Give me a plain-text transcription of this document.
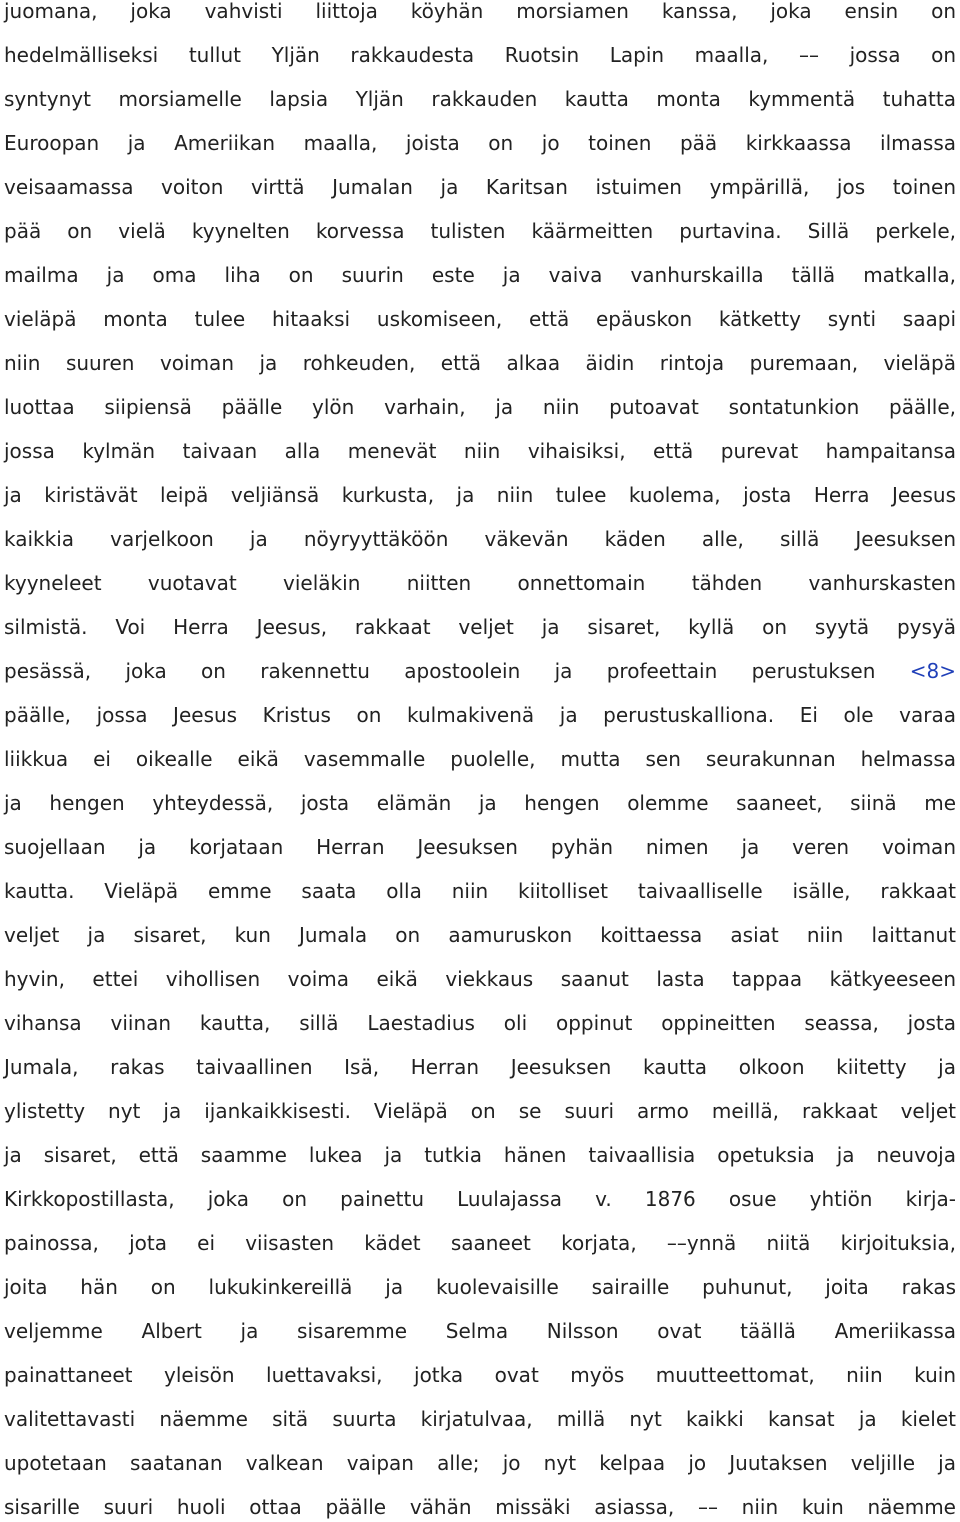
juomana, joka vahvisti liittoja köyhän morsiamen kanssa, joka ensin on
hedelmälliseksi tullut Yljän rakkaudesta Ruotsin Lapin maalla, –– jossa on
syntynyt morsiamelle lapsia Yljän rakkauden kautta monta kymmentä tuhatta
Euroopan ja Ameriikan maalla, joista on jo toinen pää kirkkaassa ilmassa
veisaamassa voiton virttä Jumalan ja Karitsan istuimen ympärillä, jos toinen
pää on vielä kyynelten korvessa tulisten käärmeitten purtavina. Sillä perkele,
mailma ja oma liha on suurin este ja vaiva vanhurskailla tällä matkalla,
vieläpä monta tulee hitaaksi uskomiseen, että epäuskon kätketty synti saapi
niin suuren voiman ja rohkeuden, että alkaa äidin rintoja puremaan, vieläpä
luottaa siipiensä päälle ylön varhain, ja niin putoavat sontatunkion päälle,
jossa kylmän taivaan alla menevät niin vihaisiksi, että purevat hampaitansa
ja kiristävät leipä veljiänsä kurkusta, ja niin tulee kuolema, josta Herra Jeesus
kaikkia varjelkoon ja nöyryyttäköön väkevän käden alle, sillä Jeesuksen
kyyneleet vuotavat vieläkin niitten onnettomain tähden vanhurskasten
silmistä. Voi Herra Jeesus, rakkaat veljet ja sisaret, kyllä on syytä pysyä
pesässä, joka on rakennettu apostoolein ja profeettain perustuksen <8>
päälle, jossa Jeesus Kristus on kulmakivenä ja perustuskalliona. Ei ole varaa
liikkua ei oikealle eikä vasemmalle puolelle, mutta sen seurakunnan helmassa
ja hengen yhteydessä, josta elämän ja hengen olemme saaneet, siinä me
suojellaan ja korjataan Herran Jeesuksen pyhän nimen ja veren voiman
kautta. Vieläpä emme saata olla niin kiitolliset taivaalliselle isälle, rakkaat
veljet ja sisaret, kun Jumala on aamuruskon koittaessa asiat niin laittanut
hyvin, ettei vihollisen voima eikä viekkaus saanut lasta tappaa kätkyeeseen
vihansa viinan kautta, sillä Laestadius oli oppinut oppineitten seassa, josta
Jumala, rakas taivaallinen Isä, Herran Jeesuksen kautta olkoon kiitetty ja
ylistetty nyt ja ijankaikkisesti. Vieläpä on se suuri armo meillä, rakkaat veljet
ja sisaret, että saamme lukea ja tutkia hänen taivaallisia opetuksia ja neuvoja
Kirkkopostillasta, joka on painettu Luulajassa v. 1876 osue yhtiön kirja-
painossa, jota ei viisasten kädet saaneet korjata, ––ynnä niitä kirjoituksia,
joita hän on lukukinkereillä ja kuolevaisille sairaille puhunut, joita rakas
veljemme Albert ja sisaremme Selma Nilsson ovat täällä Ameriikassa
painattaneet yleisön luettavaksi, jotka ovat myös muutteettomat, niin kuin
valitettavasti näemme sitä suurta kirjatulvaa, millä nyt kaikki kansat ja kielet
upotetaan saatanan valkean vaipan alle; jo nyt kelpaa jo Juutaksen veljille ja
sisarille suuri huoli ottaa päälle vähän missäki asiassa, –– niin kuin näemme
